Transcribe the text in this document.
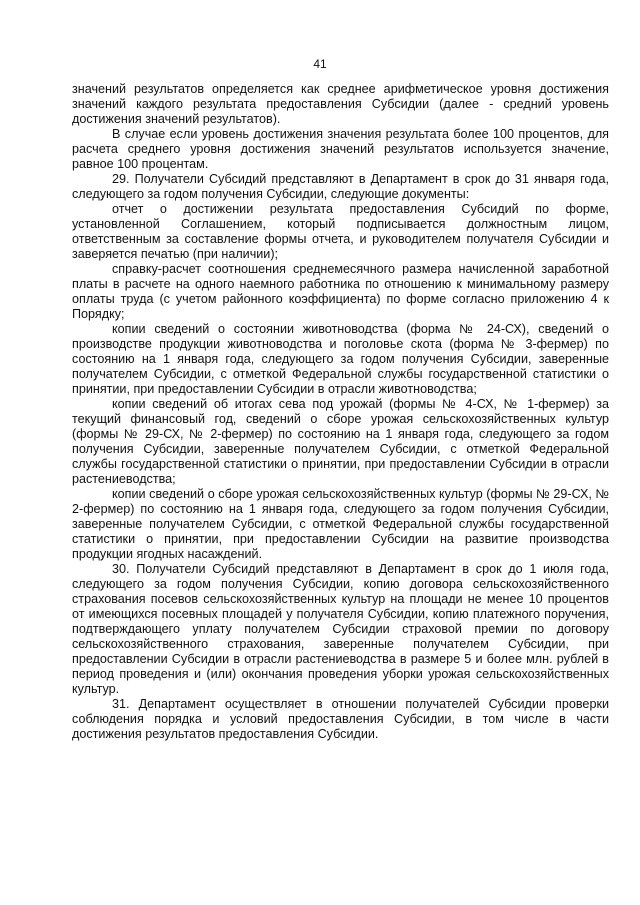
41

значений результатов определяется как среднее арифметическое уровня достижения значений каждого результата предоставления Субсидии (далее - средний уровень достижения значений результатов).

В случае если уровень достижения значения результата более 100 процентов, для расчета среднего уровня достижения значений результатов используется значение, равное 100 процентам.

29. Получатели Субсидий представляют в Департамент в срок до 31 января года, следующего за годом получения Субсидии, следующие документы:

отчет о достижении результата предоставления Субсидий по форме, установленной Соглашением, который подписывается должностным лицом, ответственным за составление формы отчета, и руководителем получателя Субсидии и заверяется печатью (при наличии);

справку-расчет соотношения среднемесячного размера начисленной заработной платы в расчете на одного наемного работника по отношению к минимальному размеру оплаты труда (с учетом районного коэффициента) по форме согласно приложению 4 к Порядку;

копии сведений о состоянии животноводства (форма № 24-СХ), сведений о производстве продукции животноводства и поголовье скота (форма № 3-фермер) по состоянию на 1 января года, следующего за годом получения Субсидии, заверенные получателем Субсидии, с отметкой Федеральной службы государственной статистики о принятии, при предоставлении Субсидии в отрасли животноводства;

копии сведений об итогах сева под урожай (формы № 4-СХ, № 1-фермер) за текущий финансовый год, сведений о сборе урожая сельскохозяйственных культур (формы № 29-СХ, № 2-фермер) по состоянию на 1 января года, следующего за годом получения Субсидии, заверенные получателем Субсидии, с отметкой Федеральной службы государственной статистики о принятии, при предоставлении Субсидии в отрасли растениеводства;

копии сведений о сборе урожая сельскохозяйственных культур (формы № 29-СХ, № 2-фермер) по состоянию на 1 января года, следующего за годом получения Субсидии, заверенные получателем Субсидии, с отметкой Федеральной службы государственной статистики о принятии, при предоставлении Субсидии на развитие производства продукции ягодных насаждений.

30. Получатели Субсидий представляют в Департамент в срок до 1 июля года, следующего за годом получения Субсидии, копию договора сельскохозяйственного страхования посевов сельскохозяйственных культур на площади не менее 10 процентов от имеющихся посевных площадей у получателя Субсидии, копию платежного поручения, подтверждающего уплату получателем Субсидии страховой премии по договору сельскохозяйственного страхования, заверенные получателем Субсидии, при предоставлении Субсидии в отрасли растениеводства в размере 5 и более млн. рублей в период проведения и (или) окончания проведения уборки урожая сельскохозяйственных культур.

31. Департамент осуществляет в отношении получателей Субсидии проверки соблюдения порядка и условий предоставления Субсидии, в том числе в части достижения результатов предоставления Субсидии.
